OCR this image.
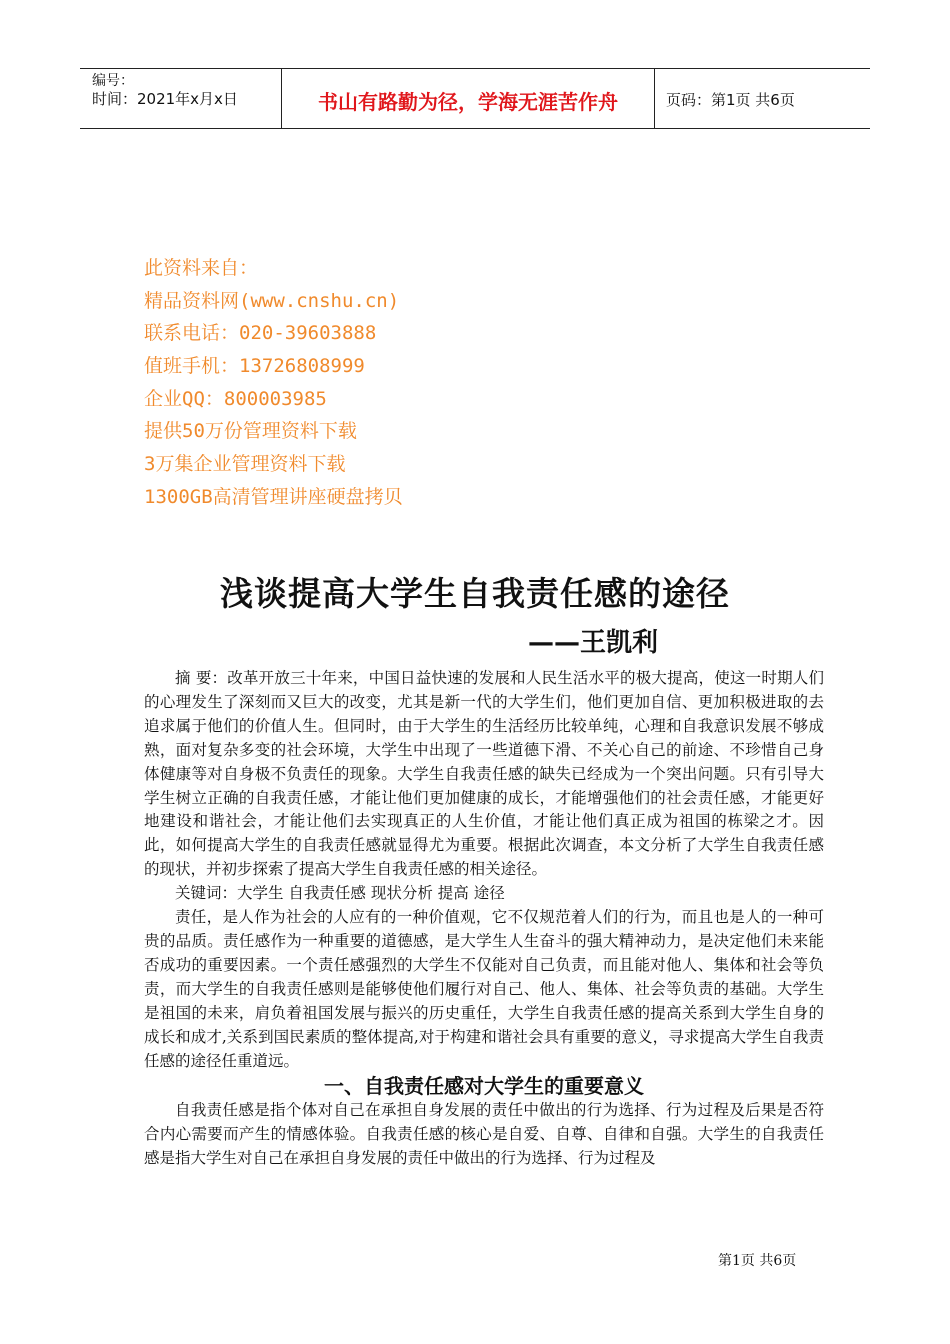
编号：
时间：2021年x月x日	书山有路勤为径，学海无涯苦作舟	页码：第1页 共6页
此资料来自：
精品资料网(www.cnshu.cn)
联系电话：020-39603888
值班手机：13726808999
企业QQ：800003985
提供50万份管理资料下载
3万集企业管理资料下载
1300GB高清管理讲座硬盘拷贝
浅谈提高大学生自我责任感的途径
——王凯利

摘 要：改革开放三十年来，中国日益快速的发展和人民生活水平的极大提高，使这一时期人们的心理发生了深刻而又巨大的改变，尤其是新一代的大学生们，他们更加自信、更加积极进取的去追求属于他们的价值人生。但同时，由于大学生的生活经历比较单纯，心理和自我意识发展不够成熟，面对复杂多变的社会环境，大学生中出现了一些道德下滑、不关心自己的前途、不珍惜自己身体健康等对自身极不负责任的现象。大学生自我责任感的缺失已经成为一个突出问题。只有引导大学生树立正确的自我责任感，才能让他们更加健康的成长，才能增强他们的社会责任感，才能更好地建设和谐社会，才能让他们去实现真正的人生价值，才能让他们真正成为祖国的栋梁之才。因此，如何提高大学生的自我责任感就显得尤为重要。根据此次调查，本文分析了大学生自我责任感的现状，并初步探索了提高大学生自我责任感的相关途径。

关键词：大学生 自我责任感 现状分析 提高 途径

责任，是人作为社会的人应有的一种价值观，它不仅规范着人们的行为，而且也是人的一种可贵的品质。责任感作为一种重要的道德感，是大学生人生奋斗的强大精神动力，是决定他们未来能否成功的重要因素。一个责任感强烈的大学生不仅能对自己负责，而且能对他人、集体和社会等负责，而大学生的自我责任感则是能够使他们履行对自己、他人、集体、社会等负责的基础。大学生是祖国的未来，肩负着祖国发展与振兴的历史重任，大学生自我责任感的提高关系到大学生自身的成长和成才,关系到国民素质的整体提高,对于构建和谐社会具有重要的意义，寻求提高大学生自我责任感的途径任重道远。

一、自我责任感对大学生的重要意义

自我责任感是指个体对自己在承担自身发展的责任中做出的行为选择、行为过程及后果是否符合内心需要而产生的情感体验。自我责任感的核心是自爱、自尊、自律和自强。大学生的自我责任感是指大学生对自己在承担自身发展的责任中做出的行为选择、行为过程及

第1页 共6页
